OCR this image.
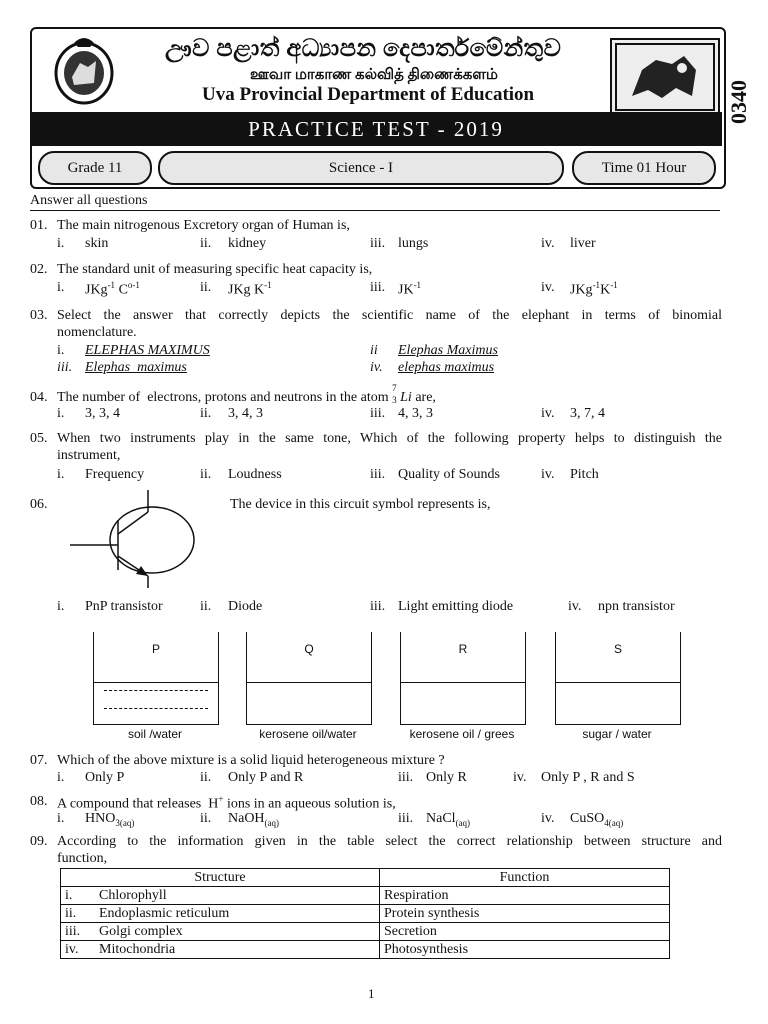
ඌව පළාත් අධ්‍යාපන දෙපාර්තමේන්තුව
ஊவா மாகாண கல்வித் திணைக்களம்
Uva Provincial Department of Education	0340
PRACTICE TEST - 2019
Grade 11	Science - I	Time 01 Hour
Answer all questions
01. The main nitrogenous Excretory organ of Human is,
i. skin	ii. kidney	iii. lungs	iv. liver
02. The standard unit of measuring specific heat capacity is,
i. JKg$^{-1}$ $C^{o-1}$	ii. JKg $K^{-1}$	iii. $JK^{-1}$	iv. $JKg^{-1}K^{-1}$
03. Select the answer that correctly depicts the scientific name of the elephant in terms of binomial
nomenclature.
i. ELEPHAS MAXIMUS	ii Elephas Maximus
iii. Elephas  maximus	iv. elephas maximus
04. The number of  electrons, protons and neutrons in the atom
7
3 Li are,
i. 3, 3, 4	ii. 3, 4, 3	iii. 4, 3, 3	iv. 3, 7, 4
05. When two instruments play in the same tone, Which of the following property helps to distinguish the
instrument,
i. Frequency	ii. Loudness	iii. Quality of Sounds	iv. Pitch
06.	The device in this circuit symbol represents is,
i. PnP transistor	ii. Diode	iii. Light emitting diode	iv. npn transistor
P	Q	R	S
soil /water	kerosene oil/water	kerosene oil / grees	sugar / water
07. Which of the above mixture is a solid liquid heterogeneous mixture ?
i. Only P	ii. Only P and R	iii. Only R	iv. Only P , R and S
08. A compound that releases  H+ ions in an aqueous solution is,
i. $HNO_{3(aq)}$	ii. NaOH$_{(aq)}$	iii. NaCl$_{(aq)}$	iv. CuSO$_{4(aq)}$
09. According to the information given in the table select the correct relationship between structure and
function,
Structure	Function
i. Chlorophyll	Respiration
ii. Endoplasmic reticulum	Protein synthesis
iii. Golgi complex	Secretion
iv. Mitochondria	Photosynthesis
1
